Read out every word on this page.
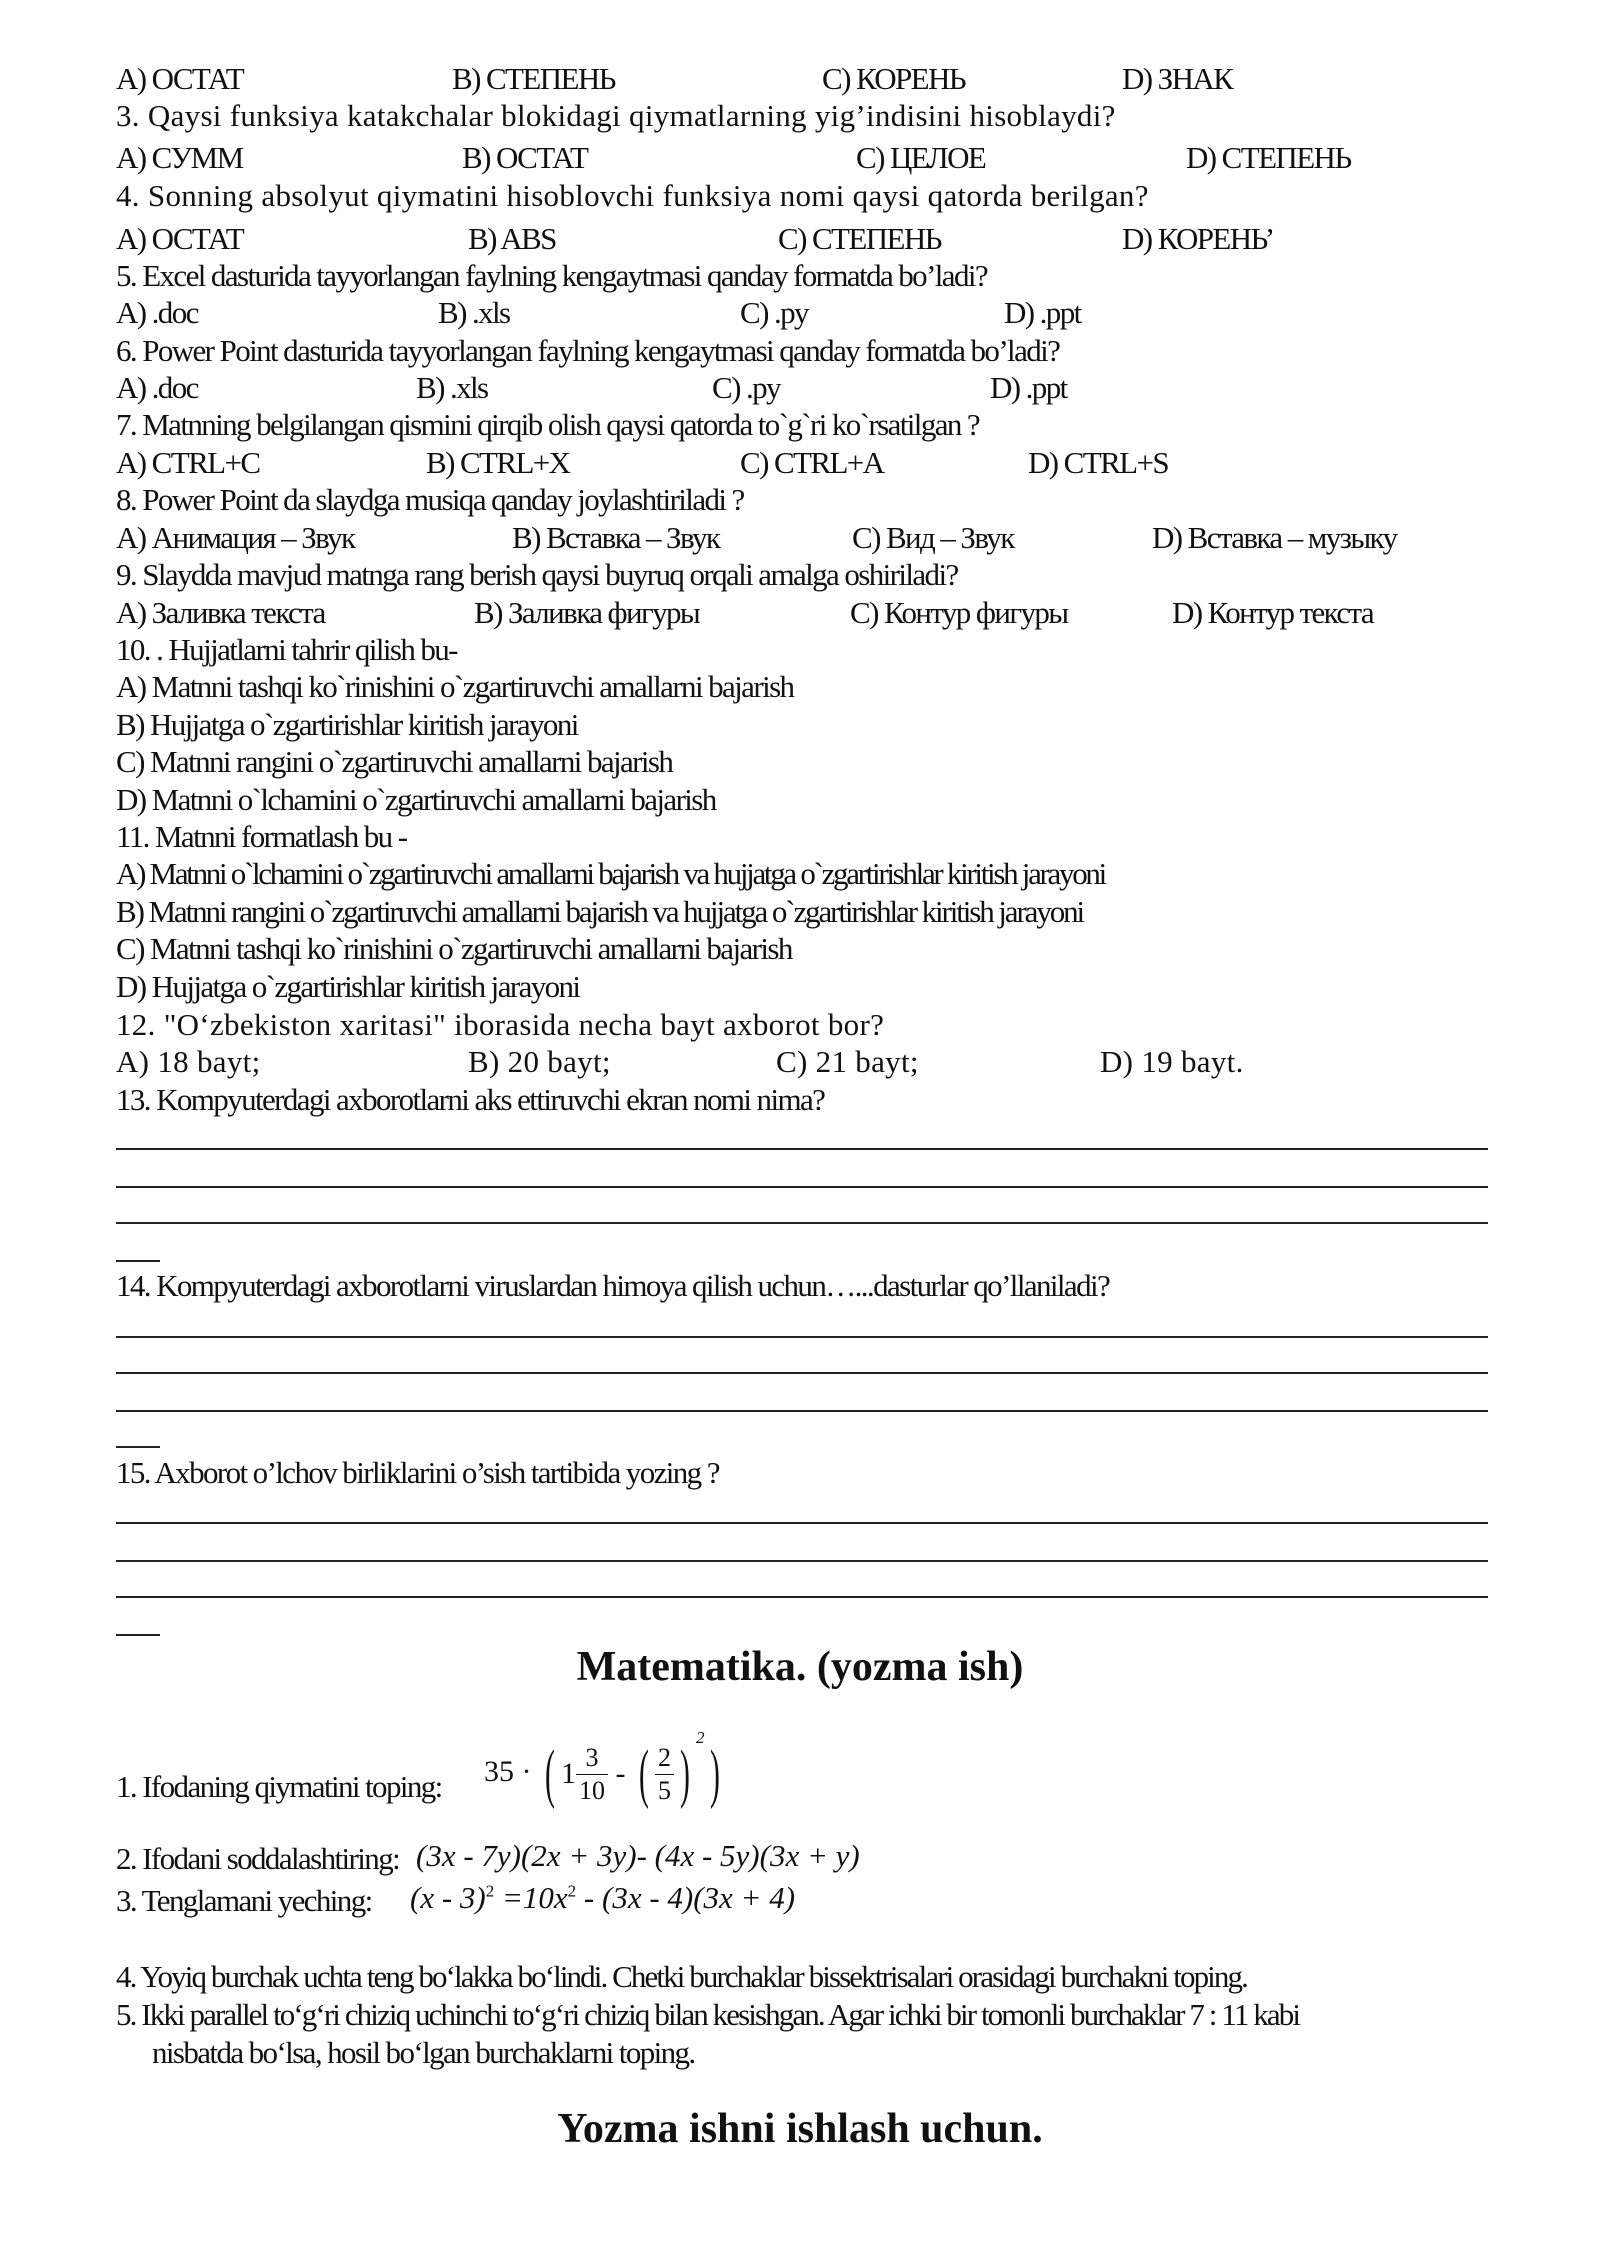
A) ОСТАТ	B) СТЕПЕНЬ	C) КОРЕНЬ	D) ЗНАК
3. Qaysi funksiya katakchalar blokidagi qiymatlarning yig’indisini hisoblaydi?
A) СУММ	B) ОСТАТ	C) ЦЕЛОЕ	D) СТЕПЕНЬ
4. Sonning absolyut qiymatini hisoblovchi funksiya nomi qaysi qatorda berilgan?
A) ОСТАТ	B) ABS	C) СТЕПЕНЬ	D) КОРЕНЬ’
5. Excel dasturida tayyorlangan faylning kengaytmasi qanday formatda bo’ladi?
A) .doc	B) .xls	C) .py	D) .ppt
6. Power Point dasturida tayyorlangan faylning kengaytmasi qanday formatda bo’ladi?
A) .doc	B) .xls	C) .py	D) .ppt
7. Matnning belgilangan qismini qirqib olish qaysi qatorda to`g`ri ko`rsatilgan ?
A) CTRL+C	B) CTRL+X	C) CTRL+A	D) CTRL+S
8. Power Point da slaydga musiqa qanday joylashtiriladi ?
A) Анимация – Звук	B) Вставка – Звук	C) Вид – Звук	D) Вставка – музыку
9. Slaydda mavjud matnga rang berish qaysi buyruq orqali amalga oshiriladi?
A) Заливка текста	B) Заливка фигуры	C) Контур фигуры	D) Контур текста
10. . Hujjatlarni tahrir qilish bu-
A) Matnni tashqi ko`rinishini o`zgartiruvchi amallarni bajarish
B) Hujjatga o`zgartirishlar kiritish jarayoni
C) Matnni rangini o`zgartiruvchi amallarni bajarish
D) Matnni o`lchamini o`zgartiruvchi amallarni bajarish
11. Matnni formatlash bu -
A) Matnni o`lchamini o`zgartiruvchi amallarni bajarish va hujjatga o`zgartirishlar kiritish jarayoni
B) Matnni rangini o`zgartiruvchi amallarni bajarish va hujjatga o`zgartirishlar kiritish jarayoni
C) Matnni tashqi ko`rinishini o`zgartiruvchi amallarni bajarish
D) Hujjatga o`zgartirishlar kiritish jarayoni
12. "O‘zbekiston xaritasi" iborasida necha bayt axborot bor?
A) 18 bayt;	B) 20 bayt;	C) 21 bayt;	D) 19 bayt.
13. Kompyuterdagi axborotlarni aks ettiruvchi ekran nomi nima?
14. Kompyuterdagi axborotlarni viruslardan himoya qilish uchun…...dasturlar qo’llaniladi?
15. Axborot o’lchov birliklarini o’sish tartibida yozing ?
Matematika. (yozma ish)
1. Ifodaning qiymatini toping: 35 · ( $1 \frac{3}{10}$ - ( $\frac{2}{5}$ ) $^2$)
2. Ifodani soddalashtiring: (3x - 7y)(2x + 3y)- (4x - 5y)(3x + y)
3. Tenglamani yeching: $(x - 3)^2 =10x^2 - (3x - 4)(3x + 4)$
4. Yoyiq burchak uchta teng bo‘lakka bo‘lindi. Chetki burchaklar bissektrisalari orasidagi burchakni toping.
5. Ikki parallel to‘g‘ri chiziq uchinchi to‘g‘ri chiziq bilan kesishgan. Agar ichki bir tomonli burchaklar 7 : 11 kabi
nisbatda bo‘lsa, hosil bo‘lgan burchaklarni toping.
Yozma ishni ishlash uchun.
